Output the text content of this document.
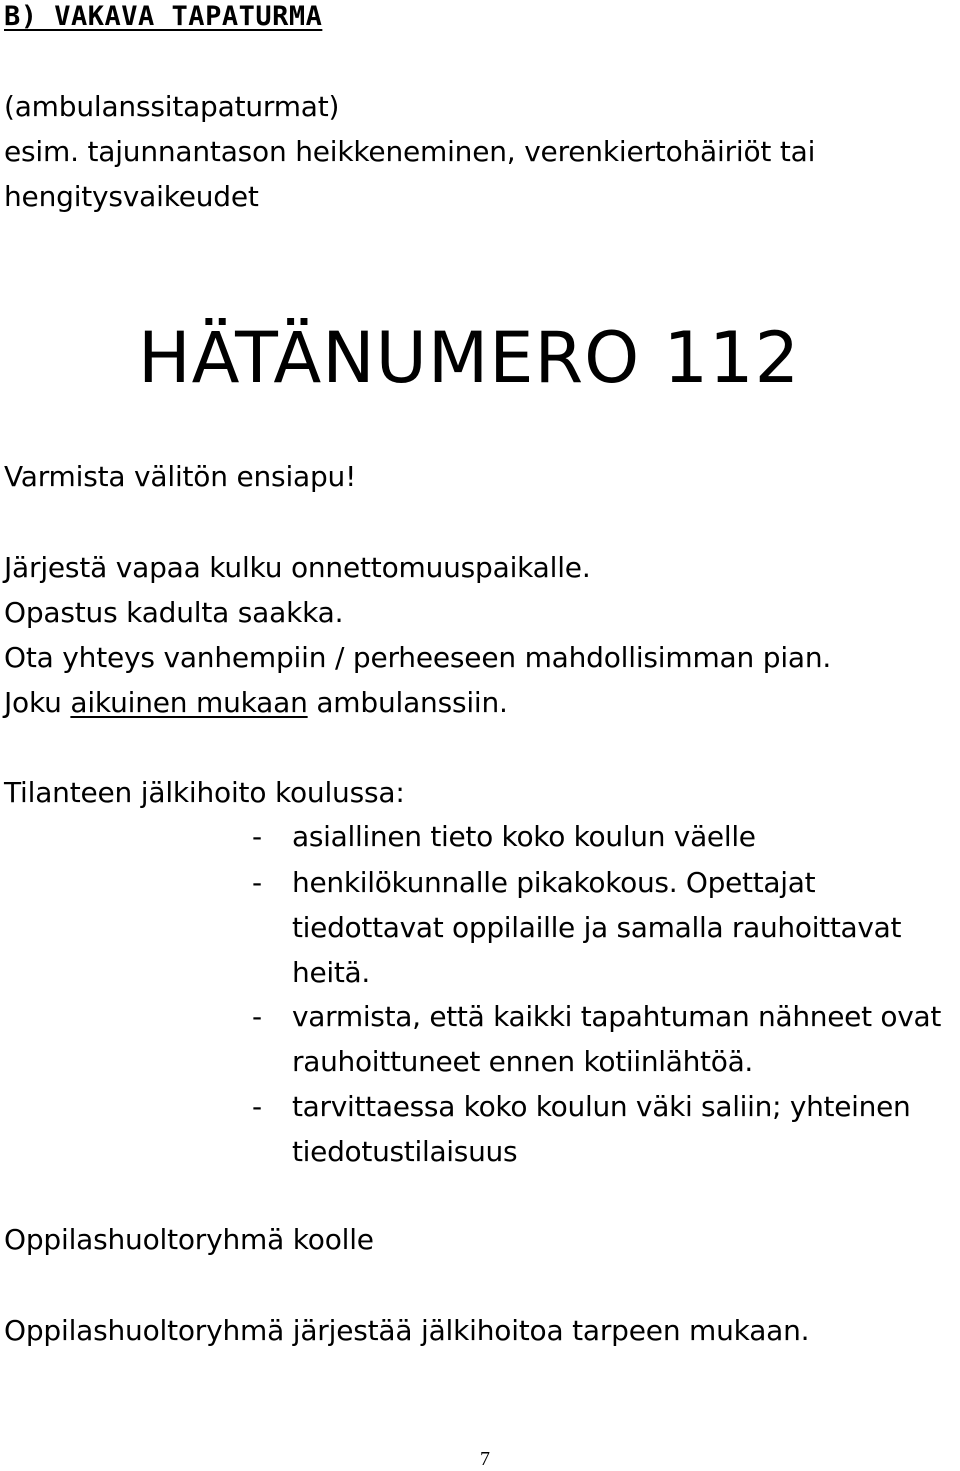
B) VAKAVA TAPATURMA
(ambulanssitapaturmat)
esim. tajunnantason heikkeneminen, verenkiertohäiriöt tai
hengitysvaikeudet
HÄTÄNUMERO 112
Varmista välitön ensiapu!
Järjestä vapaa kulku onnettomuuspaikalle.
Opastus kadulta saakka.
Ota yhteys vanhempiin / perheeseen mahdollisimman pian.
Joku aikuinen mukaan ambulanssiin.
Tilanteen jälkihoito koulussa:
- asiallinen tieto koko koulun väelle
- henkilökunnalle pikakokous. Opettajat tiedottavat oppilaille ja samalla rauhoittavat heitä.
- varmista, että kaikki tapahtuman nähneet ovat rauhoittuneet ennen kotiinlähtöä.
- tarvittaessa koko koulun väki saliin; yhteinen tiedotustilaisuus
Oppilashuoltoryhmä koolle
Oppilashuoltoryhmä järjestää jälkihoitoa tarpeen mukaan.
7
